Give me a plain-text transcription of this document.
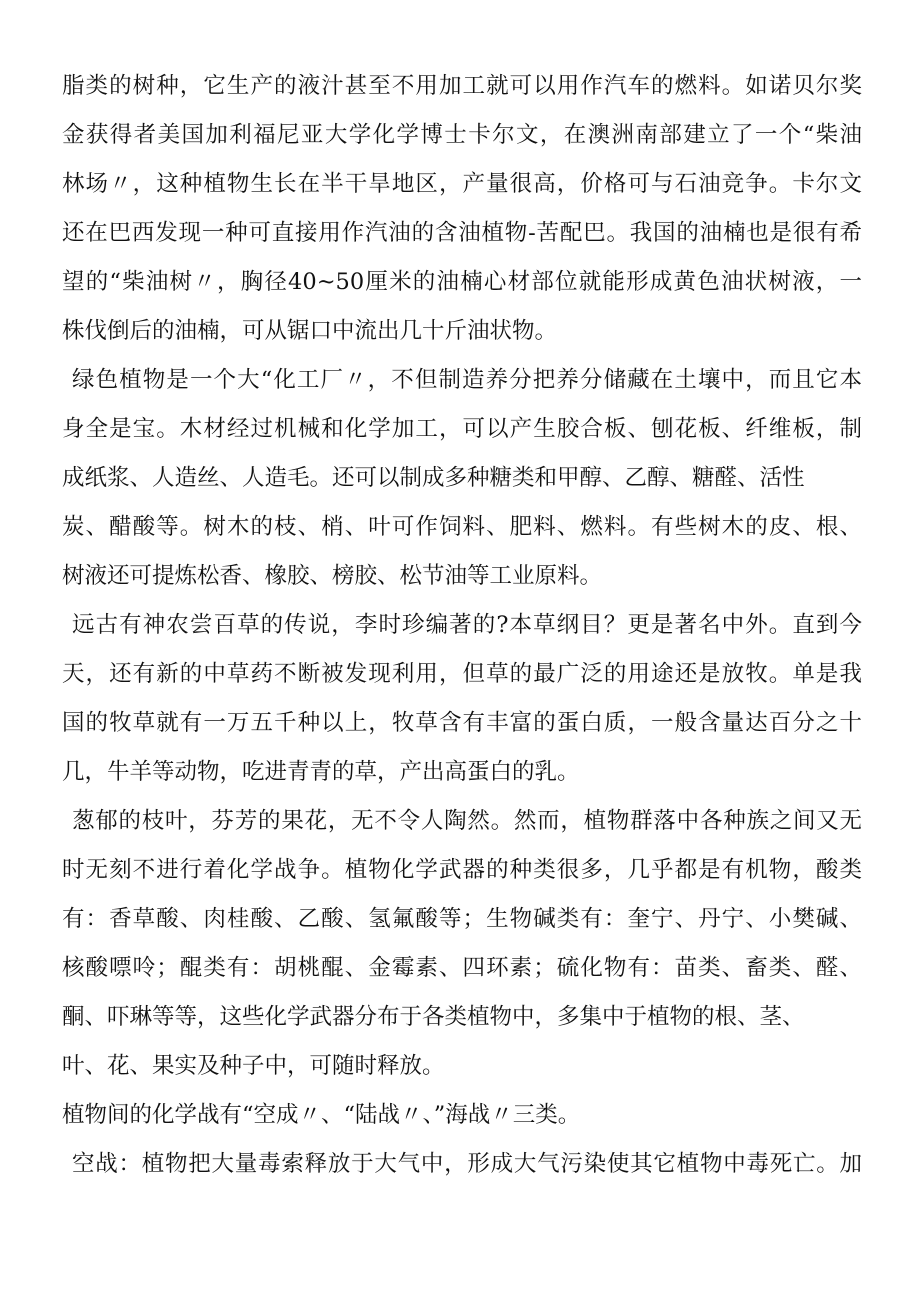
脂类的树种，它生产的液汁甚至不用加工就可以用作汽车的燃料。如诺贝尔奖
金获得者美国加利福尼亚大学化学博士卡尔文，在澳洲南部建立了一个“柴油
林场〃，这种植物生长在半干旱地区，产量很高，价格可与石油竞争。卡尔文
还在巴西发现一种可直接用作汽油的含油植物-苦配巴。我国的油楠也是很有希
望的“柴油树〃，胸径40~50厘米的油楠心材部位就能形成黄色油状树液，一
株伐倒后的油楠，可从锯口中流出几十斤油状物。
绿色植物是一个大“化工厂〃，不但制造养分把养分储藏在土壤中，而且它本
身全是宝。木材经过机械和化学加工，可以产生胶合板、刨花板、纤维板，制
成纸浆、人造丝、人造毛。还可以制成多种糖类和甲醇、乙醇、糖醛、活性
炭、醋酸等。树木的枝、梢、叶可作饲料、肥料、燃料。有些树木的皮、根、
树液还可提炼松香、橡胶、榜胶、松节油等工业原料。
远古有神农尝百草的传说，李时珍编著的?本草纲目？更是著名中外。直到今
天，还有新的中草药不断被发现利用，但草的最广泛的用途还是放牧。单是我
国的牧草就有一万五千种以上，牧草含有丰富的蛋白质，一般含量达百分之十
几，牛羊等动物，吃进青青的草，产出高蛋白的乳。
葱郁的枝叶，芬芳的果花，无不令人陶然。然而，植物群落中各种族之间又无
时无刻不进行着化学战争。植物化学武器的种类很多，几乎都是有机物，酸类
有：香草酸、肉桂酸、乙酸、氢氟酸等；生物碱类有：奎宁、丹宁、小樊碱、
核酸嘌呤；醌类有：胡桃醌、金霉素、四环素；硫化物有：苗类、畜类、醛、
酮、吓琳等等，这些化学武器分布于各类植物中，多集中于植物的根、茎、
叶、花、果实及种子中，可随时释放。
植物间的化学战有“空成〃、“陆战〃、”海战〃三类。
空战：植物把大量毒索释放于大气中，形成大气污染使其它植物中毒死亡。加
